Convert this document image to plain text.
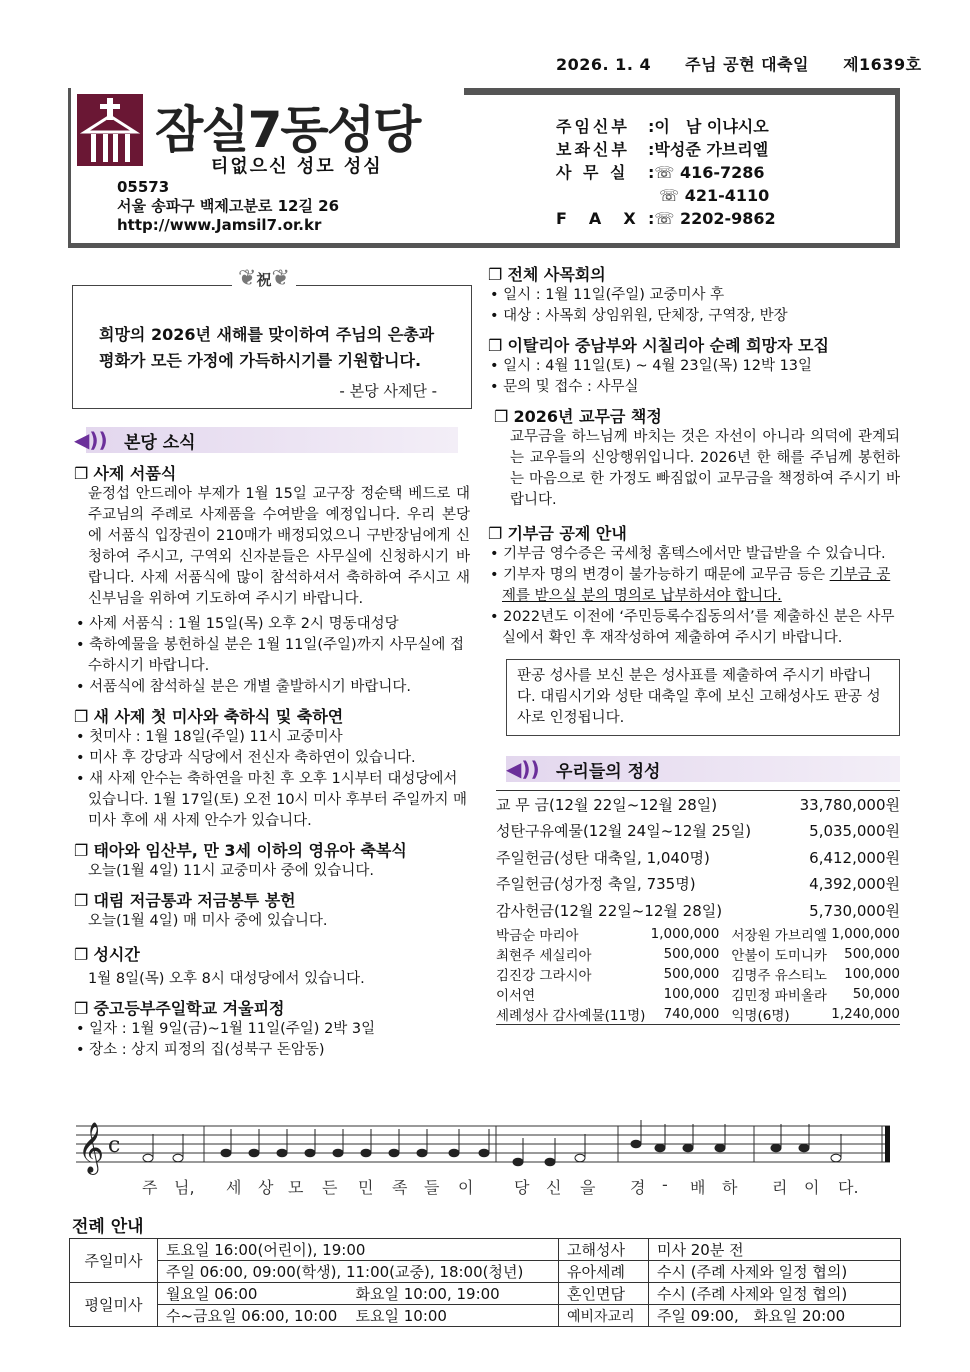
2026. 1. 4 주님 공현 대축일 제1639호
잠실7동성당
티없으신 성모 성심
05573
서울 송파구 백제고분로 12길 26
http://www.Jamsil7.or.kr
주임신부	: 이　남 이냐시오
보좌신부	: 박성준 가브리엘
사 무 실	: ☏ 416-7286

☏ 421-4110
F　A　X : ☏ 2202-9862
희망의 2026년 새해를 맞이하여 주님의 은총과
평화가 모든 가정에 가득하시기를 기원합니다.
- 본당 사제단 -
❦祝❦
◀)) 본당 소식
❐ 사제 서품식
윤정섭 안드레아 부제가 1월 15일 교구장 정순택 베드로 대주교님의 주례로 사제품을 수여받을 예정입니다. 우리 본당에 서품식 입장권이 210매가 배정되었으니 구반장님에게 신청하여 주시고, 구역외 신자분들은 사무실에 신청하시기 바랍니다. 사제 서품식에 많이 참석하셔서 축하하여 주시고 새 신부님을 위하여 기도하여 주시기 바랍니다.
• 사제 서품식 : 1월 15일(목) 오후 2시 명동대성당
• 축하예물을 봉헌하실 분은 1월 11일(주일)까지 사무실에 접수하시기 바랍니다.
• 서품식에 참석하실 분은 개별 출발하시기 바랍니다.
❐ 새 사제 첫 미사와 축하식 및 축하연
• 첫미사 : 1월 18일(주일) 11시 교중미사
• 미사 후 강당과 식당에서 전신자 축하연이 있습니다.
• 새 사제 안수는 축하연을 마친 후 오후 1시부터 대성당에서 있습니다. 1월 17일(토) 오전 10시 미사 후부터 주일까지 매 미사 후에 새 사제 안수가 있습니다.
❐ 태아와 임산부, 만 3세 이하의 영유아 축복식
오늘(1월 4일) 11시 교중미사 중에 있습니다.
❐ 대림 저금통과 저금봉투 봉헌
오늘(1월 4일) 매 미사 중에 있습니다.
❐ 성시간
1월 8일(목) 오후 8시 대성당에서 있습니다.
❐ 중고등부주일학교 겨울피정
• 일자 : 1월 9일(금)~1월 11일(주일) 2박 3일
• 장소 : 상지 피정의 집(성북구 돈암동)
❐ 전체 사목회의
• 일시 : 1월 11일(주일) 교중미사 후
• 대상 : 사목회 상임위원, 단체장, 구역장, 반장
❐ 이탈리아 중남부와 시칠리아 순례 희망자 모집
• 일시 : 4월 11일(토) ~ 4월 23일(목) 12박 13일
• 문의 및 접수 : 사무실
❐ 2026년 교무금 책정
교무금을 하느님께 바치는 것은 자선이 아니라 의덕에 관계되는 교우들의 신앙행위입니다. 2026년 한 해를 주님께 봉헌하는 마음으로 한 가정도 빠짐없이 교무금을 책정하여 주시기 바랍니다.
❐ 기부금 공제 안내
• 기부금 영수증은 국세청 홈텍스에서만 발급받을 수 있습니다.
• 기부자 명의 변경이 불가능하기 때문에 교무금 등은 기부금 공제를 받으실 분의 명의로 납부하셔야 합니다.
• 2022년도 이전에 ‘주민등록수집동의서’를 제출하신 분은 사무실에서 확인 후 재작성하여 제출하여 주시기 바랍니다.
판공 성사를 보신 분은 성사표를 제출하여 주시기 바랍니다. 대림시기와 성탄 대축일 후에 보신 고해성사도 판공 성사로 인정됩니다.
◀)) 우리들의 정성
교 무 금(12월 22일~12월 28일)	33,780,000원
성탄구유예물(12월 24일~12월 25일)	5,035,000원
주일헌금(성탄 대축일, 1,040명)	6,412,000원
주일헌금(성가정 축일, 735명)	4,392,000원
감사헌금(12월 22일~12월 28일)	5,730,000원
박금순 마리아	1,000,000	서장원 가브리엘	1,000,000
최현주 세실리아	500,000	안불이 도미니카	500,000
김진강 그라시아	500,000	김명주 유스티노	100,000
이서연	100,000	김민정 파비올라	50,000
세례성사 감사예물(11명)	740,000	익명(6명)	1,240,000
𝄞 c
주 님, 세 상 모 든 민 족 들 이	당 신 을 경 - 배 하 리 이 다.
전례 안내
주일미사	토요일 16:00(어린이), 19:00		고해성사	미사 20분 전
	주일 06:00, 09:00(학생), 11:00(교중), 18:00(청년)		유아세례	수시 (주례 사제와 일정 협의)
평일미사	월요일 06:00	화요일 10:00, 19:00	혼인면담	수시 (주례 사제와 일정 협의)
	수~금요일 06:00, 10:00	토요일 10:00	예비자교리	주일 09:00,　화요일 20:00
